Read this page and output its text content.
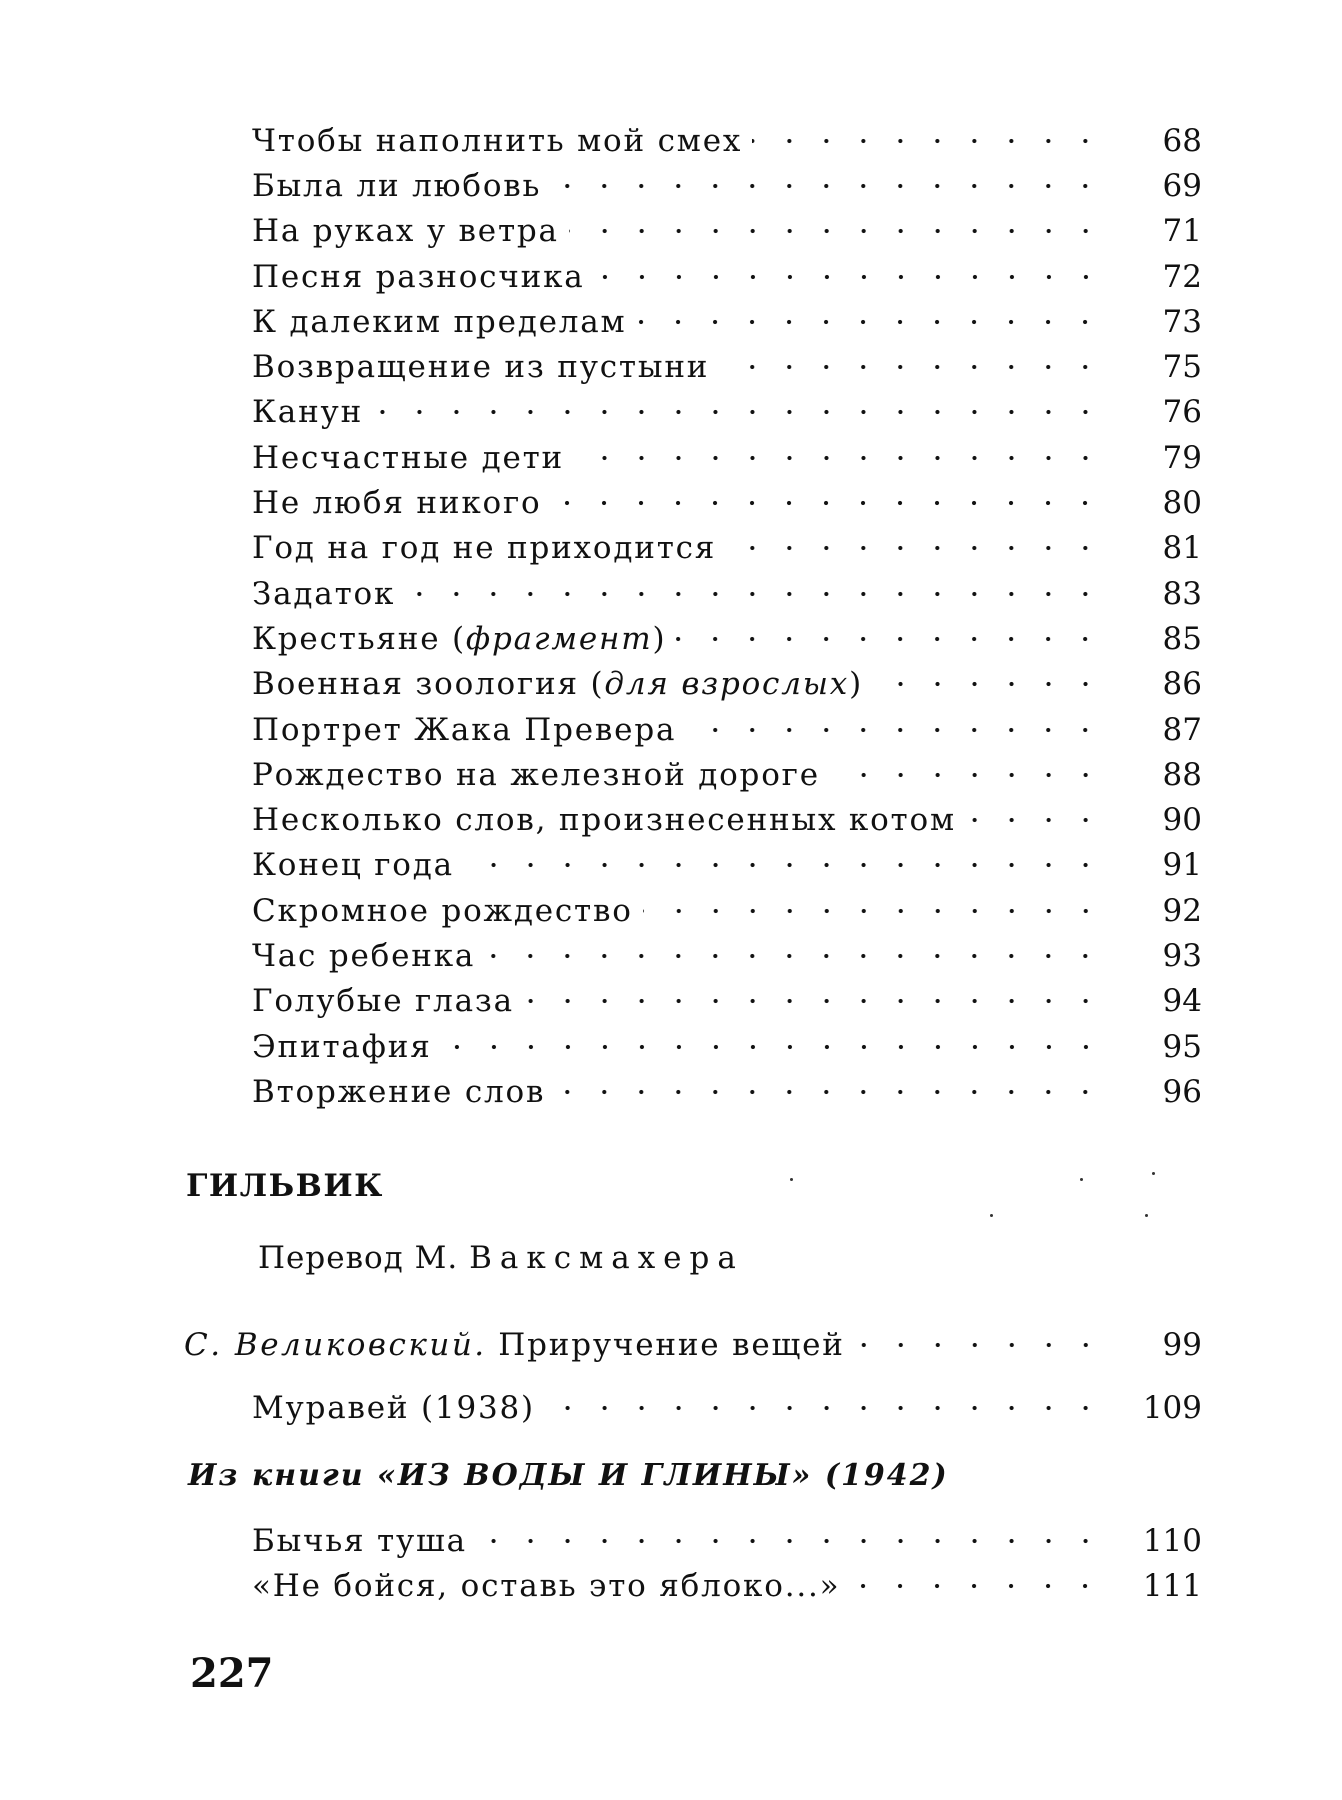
Чтобы наполнить мой смех	68
Была ли любовь	69
На руках у ветра	71
Песня разносчика	72
К далеким пределам	73
Возвращение из пустыни	75
Канун	76
Несчастные дети	79
Не любя никого	80
Год на год не приходится	81
Задаток	83
Крестьяне (фрагмент)	85
Военная зоология (для взрослых)	86
Портрет Жака Превера	87
Рождество на железной дороге	88
Несколько слов, произнесенных котом	90
Конец года	91
Скромное рождество	92
Час ребенка	93
Голубые глаза	94
Эпитафия	95
Вторжение слов	96
ГИЛЬВИК
Перевод М. Ваксмахера
С. Великовский. Приручение вещей	99
Муравей (1938)	109
Из книги «ИЗ ВОДЫ И ГЛИНЫ» (1942)
Бычья туша	110
«Не бойся, оставь это яблоко...»	111
227
